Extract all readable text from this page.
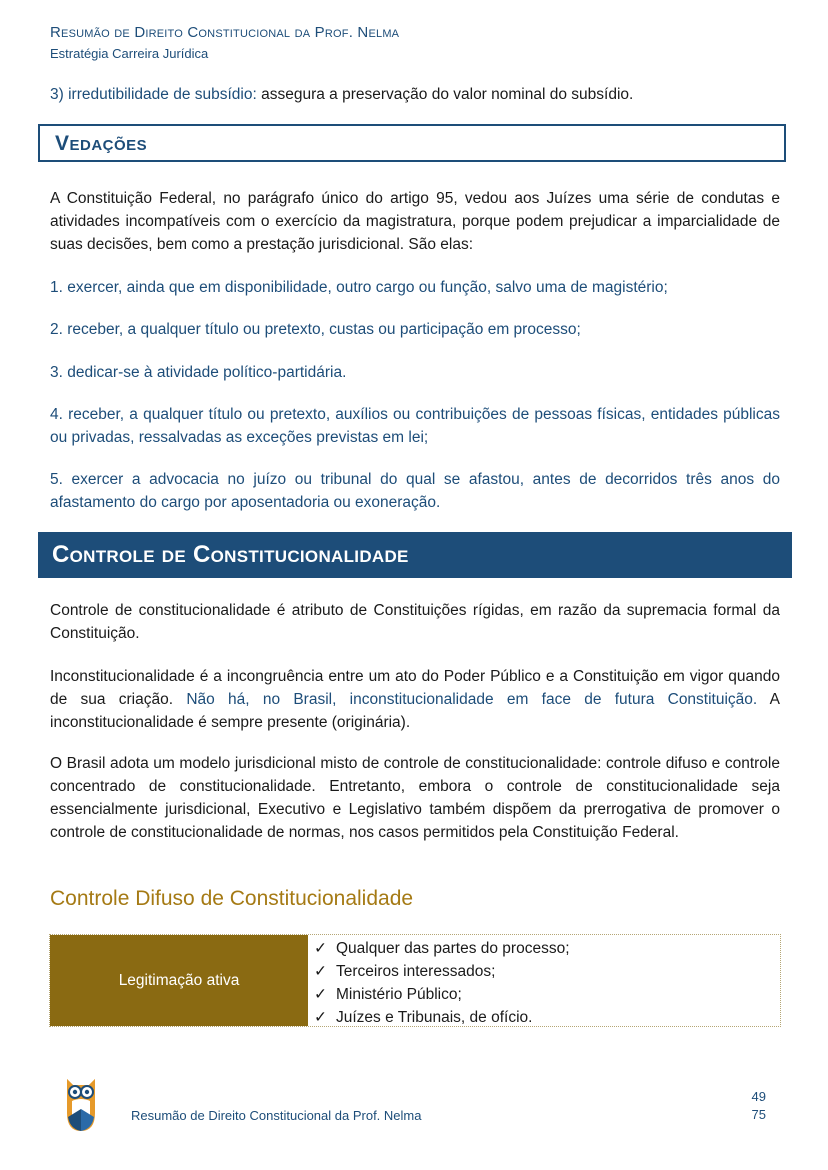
Resumão de Direito Constitucional da Prof. Nelma
Estratégia Carreira Jurídica
3) irredutibilidade de subsídio: assegura a preservação do valor nominal do subsídio.
Vedações
A Constituição Federal, no parágrafo único do artigo 95, vedou aos Juízes uma série de condutas e atividades incompatíveis com o exercício da magistratura, porque podem prejudicar a imparcialidade de suas decisões, bem como a prestação jurisdicional. São elas:
1. exercer, ainda que em disponibilidade, outro cargo ou função, salvo uma de magistério;
2. receber, a qualquer título ou pretexto, custas ou participação em processo;
3. dedicar-se à atividade político-partidária.
4. receber, a qualquer título ou pretexto, auxílios ou contribuições de pessoas físicas, entidades públicas ou privadas, ressalvadas as exceções previstas em lei;
5. exercer a advocacia no juízo ou tribunal do qual se afastou, antes de decorridos três anos do afastamento do cargo por aposentadoria ou exoneração.
Controle de Constitucionalidade
Controle de constitucionalidade é atributo de Constituições rígidas, em razão da supremacia formal da Constituição.
Inconstitucionalidade é a incongruência entre um ato do Poder Público e a Constituição em vigor quando de sua criação. Não há, no Brasil, inconstitucionalidade em face de futura Constituição. A inconstitucionalidade é sempre presente (originária).
O Brasil adota um modelo jurisdicional misto de controle de constitucionalidade: controle difuso e controle concentrado de constitucionalidade. Entretanto, embora o controle de constitucionalidade seja essencialmente jurisdicional, Executivo e Legislativo também dispõem da prerrogativa de promover o controle de constitucionalidade de normas, nos casos permitidos pela Constituição Federal.
Controle Difuso de Constitucionalidade
Legitimação ativa
✓ Qualquer das partes do processo;
✓ Terceiros interessados;
✓ Ministério Público;
✓ Juízes e Tribunais, de ofício.
Resumão de Direito Constitucional da Prof. Nelma
49
75
